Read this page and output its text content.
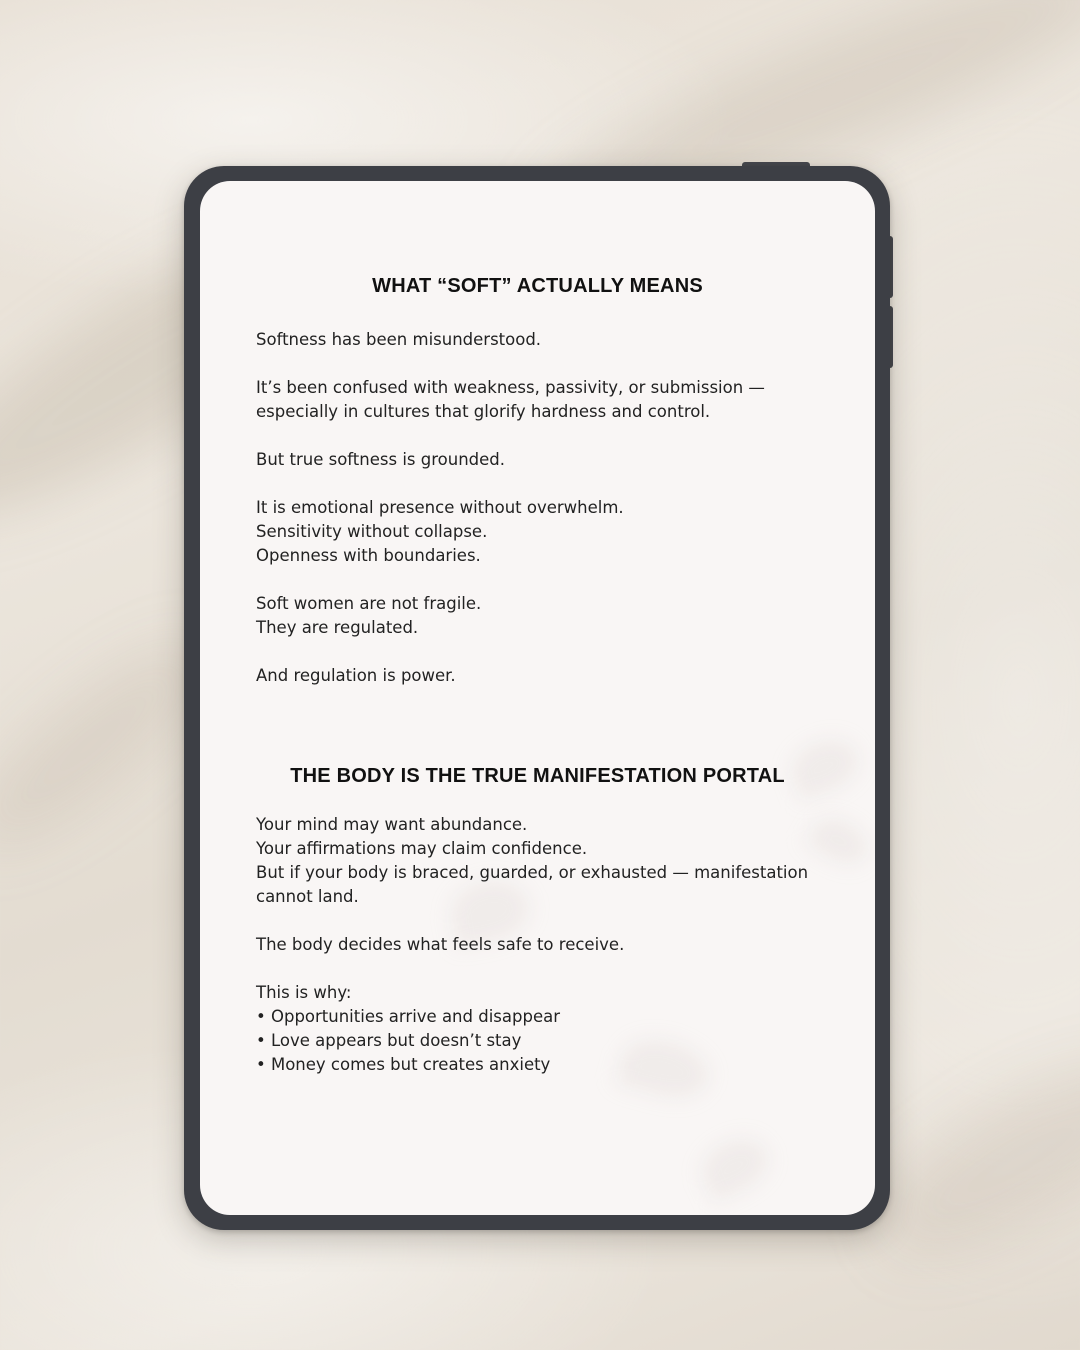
WHAT “SOFT” ACTUALLY MEANS

Softness has been misunderstood.

It’s been confused with weakness, passivity, or submission —
especially in cultures that glorify hardness and control.

But true softness is grounded.

It is emotional presence without overwhelm.
Sensitivity without collapse.
Openness with boundaries.

Soft women are not fragile.
They are regulated.

And regulation is power.

THE BODY IS THE TRUE MANIFESTATION PORTAL

Your mind may want abundance.
Your affirmations may claim confidence.
But if your body is braced, guarded, or exhausted — manifestation
cannot land.

The body decides what feels safe to receive.

This is why:
• Opportunities arrive and disappear
• Love appears but doesn’t stay
• Money comes but creates anxiety
